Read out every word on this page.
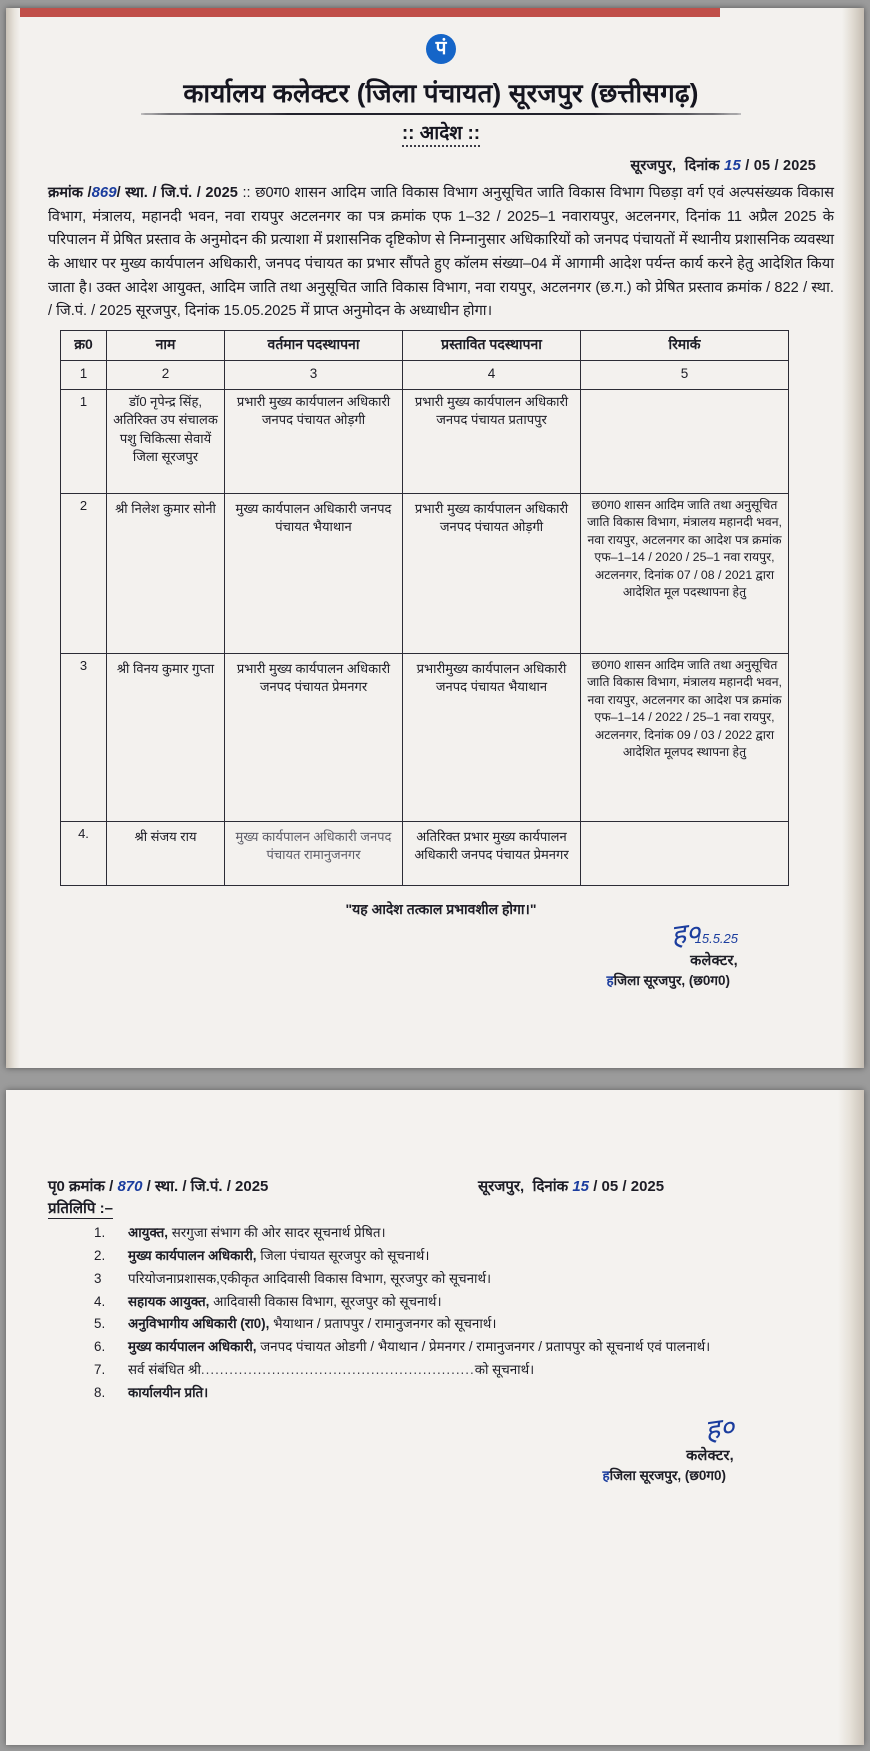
पं
कार्यालय कलेक्टर (जिला पंचायत) सूरजपुर (छत्तीसगढ़)
:: आदेश ::
सूरजपुर, दिनांक 15 / 05 / 2025
क्रमांक /869/ स्था. / जि.पं. / 2025 :: छ0ग0 शासन आदिम जाति विकास विभाग अनुसूचित जाति विकास विभाग पिछड़ा वर्ग एवं अल्पसंख्यक विकास विभाग, मंत्रालय, महानदी भवन, नवा रायपुर अटलनगर का पत्र क्रमांक एफ 1–32 / 2025–1 नवारायपुर, अटलनगर, दिनांक 11 अप्रैल 2025 के परिपालन में प्रेषित प्रस्ताव के अनुमोदन की प्रत्याशा में प्रशासनिक दृष्टिकोण से निम्नानुसार अधिकारियों को जनपद पंचायतों में स्थानीय प्रशासनिक व्यवस्था के आधार पर मुख्य कार्यपालन अधिकारी, जनपद पंचायत का प्रभार सौंपते हुए कॉलम संख्या–04 में आगामी आदेश पर्यन्त कार्य करने हेतु आदेशित किया जाता है। उक्त आदेश आयुक्त, आदिम जाति तथा अनुसूचित जाति विकास विभाग, नवा रायपुर, अटलनगर (छ.ग.) को प्रेषित प्रस्ताव क्रमांक / 822 / स्था. / जि.पं. / 2025 सूरजपुर, दिनांक 15.05.2025 में प्राप्त अनुमोदन के अध्याधीन होगा।
क्र0	नाम	वर्तमान पदस्थापना	प्रस्तावित पदस्थापना	रिमार्क
1	2	3	4	5
1	डॉ0 नृपेन्द्र सिंह, अतिरिक्त उप संचालक पशु चिकित्सा सेवायें जिला सूरजपुर	प्रभारी मुख्य कार्यपालन अधिकारी जनपद पंचायत ओड़गी	प्रभारी मुख्य कार्यपालन अधिकारी जनपद पंचायत प्रतापपुर	
2	श्री निलेश कुमार सोनी	मुख्य कार्यपालन अधिकारी जनपद पंचायत भैयाथान	प्रभारी मुख्य कार्यपालन अधिकारी जनपद पंचायत ओड़गी	छ0ग0 शासन आदिम जाति तथा अनुसूचित जाति विकास विभाग, मंत्रालय महानदी भवन, नवा रायपुर, अटलनगर का आदेश पत्र क्रमांक एफ–1–14 / 2020 / 25–1 नवा रायपुर, अटलनगर, दिनांक 07 / 08 / 2021 द्वारा आदेशित मूल पदस्थापना हेतु
3	श्री विनय कुमार गुप्ता	प्रभारी मुख्य कार्यपालन अधिकारी जनपद पंचायत प्रेमनगर	प्रभारीमुख्य कार्यपालन अधिकारी जनपद पंचायत भैयाथान	छ0ग0 शासन आदिम जाति तथा अनुसूचित जाति विकास विभाग, मंत्रालय महानदी भवन, नवा रायपुर, अटलनगर का आदेश पत्र क्रमांक एफ–1–14 / 2022 / 25–1 नवा रायपुर, अटलनगर, दिनांक 09 / 03 / 2022 द्वारा आदेशित मूलपद स्थापना हेतु
4.	श्री संजय राय	मुख्य कार्यपालन अधिकारी जनपद पंचायत रामानुजनगर	अतिरिक्त प्रभार मुख्य कार्यपालन अधिकारी जनपद पंचायत प्रेमनगर	
"यह आदेश तत्काल प्रभावशील होगा।"
ह०15.5.25
कलेक्टर,
हजिला सूरजपुर, (छ0ग0)
पृ0 क्रमांक / 870 / स्था. / जि.पं. / 2025	सूरजपुर, दिनांक 15 / 05 / 2025
प्रतिलिपि :–
1.	आयुक्त, सरगुजा संभाग की ओर सादर सूचनार्थ प्रेषित।
2.	मुख्य कार्यपालन अधिकारी, जिला पंचायत सूरजपुर को सूचनार्थ।
3	परियोजनाप्रशासक,एकीकृत आदिवासी विकास विभाग, सूरजपुर को सूचनार्थ।
4.	सहायक आयुक्त, आदिवासी विकास विभाग, सूरजपुर को सूचनार्थ।
5.	अनुविभागीय अधिकारी (रा0), भैयाथान / प्रतापपुर / रामानुजनगर को सूचनार्थ।
6.	मुख्य कार्यपालन अधिकारी, जनपद पंचायत ओडगी / भैयाथान / प्रेमनगर / रामानुजनगर / प्रतापपुर को सूचनार्थ एवं पालनार्थ।
7.	सर्व संबंधित श्री..........................................................को सूचनार्थ।
8.	कार्यालयीन प्रति।
ह०
कलेक्टर,
हजिला सूरजपुर, (छ0ग0)
